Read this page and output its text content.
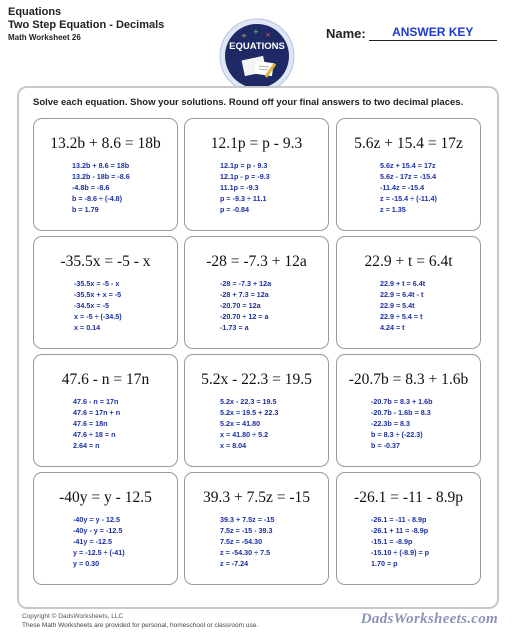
Equations
Two Step Equation - Decimals
Math Worksheet 26
EQUATIONS
÷	×
+	Name:	ANSWER KEY
Solve each equation. Show your solutions. Round off your final answers to two decimal places.
13.2b + 8.6 = 18b
13.2b + 8.6 = 18b
13.2b - 18b = -8.6
-4.8b = -8.6
b = -8.6 ÷ (-4.8)
b = 1.79
12.1p = p - 9.3
12.1p = p - 9.3
12.1p - p = -9.3
11.1p = -9.3
p = -9.3 ÷ 11.1
p = -0.84
5.6z + 15.4 = 17z
5.6z + 15.4 = 17z
5.6z - 17z = -15.4
-11.4z = -15.4
z = -15.4 ÷ (-11.4)
z = 1.35
-35.5x = -5 - x
-35.5x = -5 - x
-35.5x + x = -5
-34.5x = -5
x = -5 ÷ (-34.5)
x = 0.14
-28 = -7.3 + 12a
-28 = -7.3 + 12a
-28 + 7.3 = 12a
-20.70 = 12a
-20.70 ÷ 12 = a
-1.73 = a
22.9 + t = 6.4t
22.9 + t = 6.4t
22.9 = 6.4t - t
22.9 = 5.4t
22.9 ÷ 5.4 = t
4.24 = t
47.6 - n = 17n
47.6 - n = 17n
47.6 = 17n + n
47.6 = 18n
47.6 ÷ 18 = n
2.64 = n
5.2x - 22.3 = 19.5
5.2x - 22.3 = 19.5
5.2x = 19.5 + 22.3
5.2x = 41.80
x = 41.80 ÷ 5.2
x = 8.04
-20.7b = 8.3 + 1.6b
-20.7b = 8.3 + 1.6b
-20.7b - 1.6b = 8.3
-22.3b = 8.3
b = 8.3 ÷ (-22.3)
b = -0.37
-40y = y - 12.5
-40y = y - 12.5
-40y - y = -12.5
-41y = -12.5
y = -12.5 ÷ (-41)
y = 0.30
39.3 + 7.5z = -15
39.3 + 7.5z = -15
7.5z = -15 - 39.3
7.5z = -54.30
z = -54.30 ÷ 7.5
z = -7.24
-26.1 = -11 - 8.9p
-26.1 = -11 - 8.9p
-26.1 + 11 = -8.9p
-15.1 = -8.9p
-15.10 ÷ (-8.9) = p
1.70 = p
Copyright © DadsWorksheets, LLC
These Math Worksheets are provided for personal, homeschool or classroom use.	DadsWorksheets.com
